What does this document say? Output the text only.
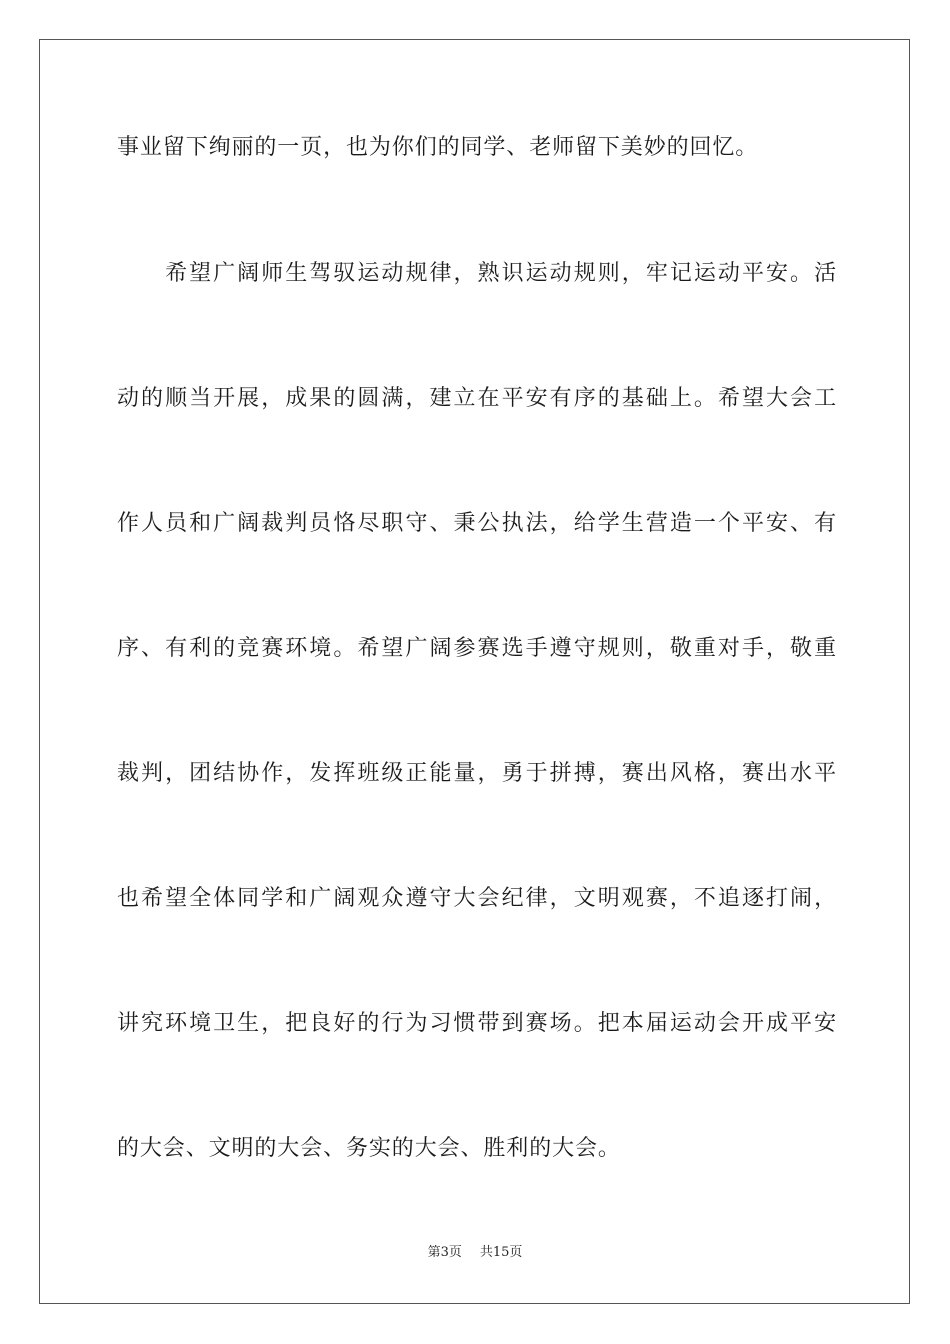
事业留下绚丽的一页，也为你们的同学、老师留下美妙的回忆。
　　希望广阔师生驾驭运动规律，熟识运动规则，牢记运动平安。活
动的顺当开展，成果的圆满，建立在平安有序的基础上。希望大会工
作人员和广阔裁判员恪尽职守、秉公执法，给学生营造一个平安、有
序、有利的竞赛环境。希望广阔参赛选手遵守规则，敬重对手，敬重
裁判，团结协作，发挥班级正能量，勇于拼搏，赛出风格，赛出水平
也希望全体同学和广阔观众遵守大会纪律，文明观赛，不追逐打闹，
讲究环境卫生，把良好的行为习惯带到赛场。把本届运动会开成平安
的大会、文明的大会、务实的大会、胜利的大会。
第3页 共15页
